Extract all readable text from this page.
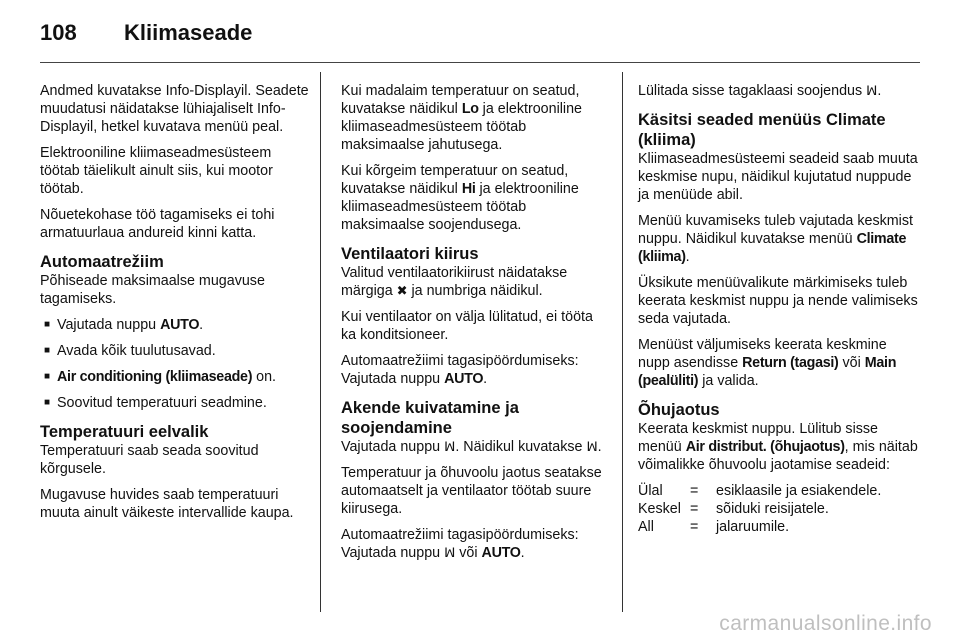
108 Kliimaseade

Andmed kuvatakse Info-Displayil. Seadete muudatusi näidatakse lühiajaliselt Info-Displayil, hetkel kuvatava menüü peal.

Elektrooniline kliimaseadmesüsteem töötab täielikult ainult siis, kui mootor töötab.

Nõuetekohase töö tagamiseks ei tohi armatuurlaua andureid kinni katta.

Automaatrežiim

Põhiseade maksimaalse mugavuse tagamiseks.

■ Vajutada nuppu AUTO.
■ Avada kõik tuulutusavad.
■ Air conditioning (kliimaseade) on.
■ Soovitud temperatuuri seadmine.
Temperatuuri eelvalik

Temperatuuri saab seada soovitud kõrgusele.

Mugavuse huvides saab temperatuuri muuta ainult väikeste intervallide kaupa.

Kui madalaim temperatuur on seatud, kuvatakse näidikul Lo ja elektrooniline kliimaseadmesüsteem töötab maksimaalse jahutusega.

Kui kõrgeim temperatuur on seatud, kuvatakse näidikul Hi ja elektrooniline kliimaseadmesüsteem töötab maksimaalse soojendusega.

Ventilaatori kiirus

Valitud ventilaatorikiirust näidatakse märgiga ✖ ja numbriga näidikul.

Kui ventilaator on välja lülitatud, ei tööta ka konditsioneer.

Automaatrežiimi tagasipöördumiseks: Vajutada nuppu AUTO.

Akende kuivatamine ja soojendamine

Vajutada nuppu ꟽ. Näidikul kuvatakse ꟽ.

Temperatuur ja õhuvoolu jaotus seatakse automaatselt ja ventilaator töötab suure kiirusega.

Automaatrežiimi tagasipöördumiseks: Vajutada nuppu ꟽ või AUTO.

Lülitada sisse tagaklaasi soojendus ꟽ.

Käsitsi seaded menüüs Climate (kliima)

Kliimaseadmesüsteemi seadeid saab muuta keskmise nupu, näidikul kujutatud nuppude ja menüüde abil.

Menüü kuvamiseks tuleb vajutada keskmist nuppu. Näidikul kuvatakse menüü Climate (kliima).

Üksikute menüüvalikute märkimiseks tuleb keerata keskmist nuppu ja nende valimiseks seda vajutada.

Menüüst väljumiseks keerata keskmine nupp asendisse Return (tagasi) või Main (pealüliti) ja valida.

Õhujaotus

Keerata keskmist nuppu. Lülitub sisse menüü Air distribut. (õhujaotus), mis näitab võimalikke õhuvoolu jaotamise seadeid:

Ülal	=	esiklaasile ja esiakendele.
Keskel	=	sõiduki reisijatele.
All	=	jalaruumile.
carmanualsonline.info
